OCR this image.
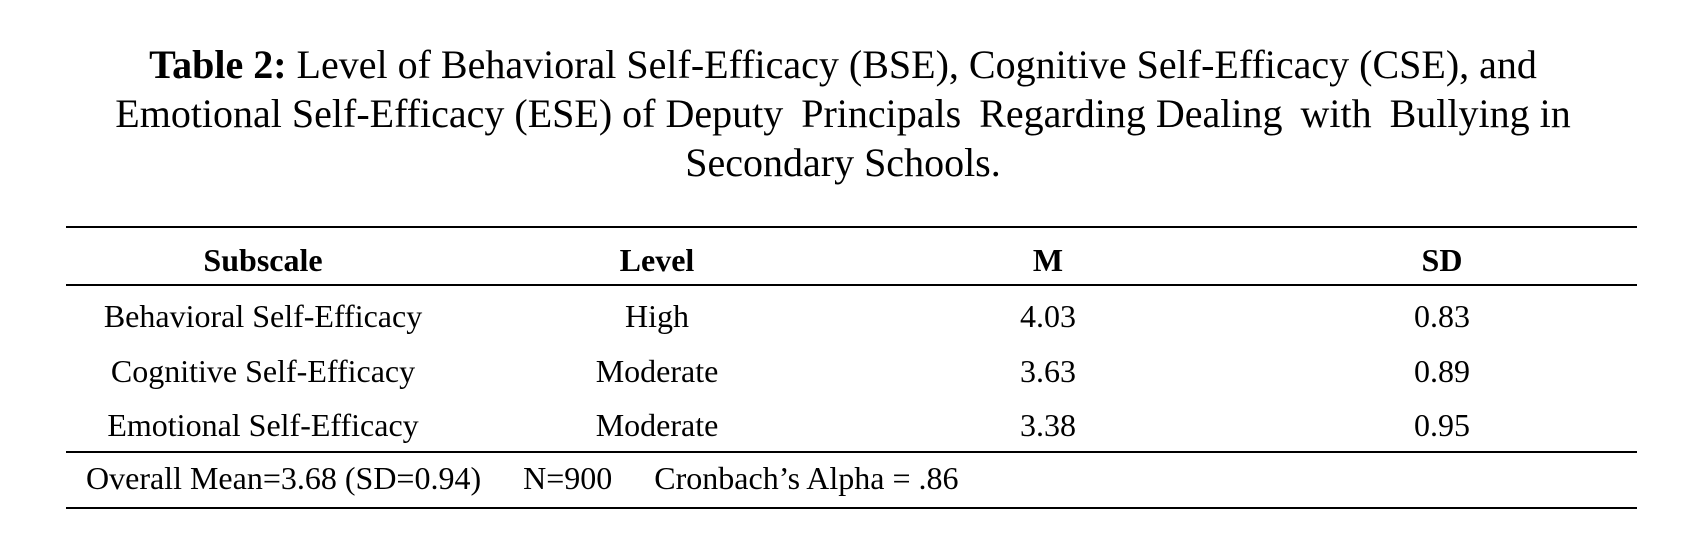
Table 2: Level of Behavioral Self-Efficacy (BSE), Cognitive Self-Efficacy (CSE), and
Emotional Self-Efficacy (ESE) of Deputy Principals Regarding Dealing with Bullying in
Secondary Schools.
Subscale	Level	M	SD
Behavioral Self-Efficacy	High	4.03	0.83
Cognitive Self-Efficacy	Moderate	3.63	0.89
Emotional Self-Efficacy	Moderate	3.38	0.95
Overall Mean=3.68 (SD=0.94) N=900 Cronbach’s Alpha = .86
